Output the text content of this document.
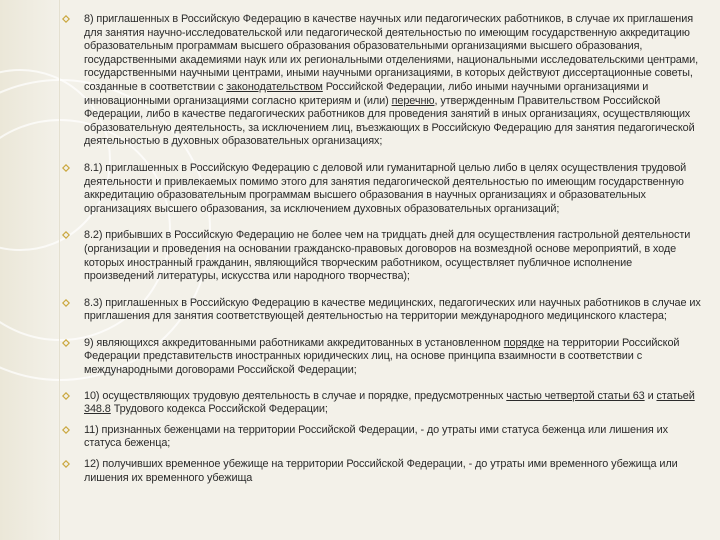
8) приглашенных в Российскую Федерацию в качестве научных или педагогических работников, в случае их приглашения для занятия научно-исследовательской или педагогической деятельностью по имеющим государственную аккредитацию образовательным программам высшего образования образовательными организациями высшего образования, государственными академиями наук или их региональными отделениями, национальными исследовательскими центрами, государственными научными центрами, иными научными организациями, в которых действуют диссертационные советы, созданные в соответствии с законодательством Российской Федерации, либо иными научными организациями и инновационными организациями согласно критериям и (или) перечню, утвержденным Правительством Российской Федерации, либо в качестве педагогических работников для проведения занятий в иных организациях, осуществляющих образовательную деятельность, за исключением лиц, въезжающих в Российскую Федерацию для занятия педагогической деятельностью в духовных образовательных организациях;
8.1) приглашенных в Российскую Федерацию с деловой или гуманитарной целью либо в целях осуществления трудовой деятельности и привлекаемых помимо этого для занятия педагогической деятельностью по имеющим государственную аккредитацию образовательным программам высшего образования в научных организациях и образовательных организациях высшего образования, за исключением духовных образовательных организаций;
8.2) прибывших в Российскую Федерацию не более чем на тридцать дней для осуществления гастрольной деятельности (организации и проведения на основании гражданско-правовых договоров на возмездной основе мероприятий, в ходе которых иностранный гражданин, являющийся творческим работником, осуществляет публичное исполнение произведений литературы, искусства или народного творчества);
8.3) приглашенных в Российскую Федерацию в качестве медицинских, педагогических или научных работников в случае их приглашения для занятия соответствующей деятельностью на территории международного медицинского кластера;
9) являющихся аккредитованными работниками аккредитованных в установленном порядке на территории Российской Федерации представительств иностранных юридических лиц, на основе принципа взаимности в соответствии с международными договорами Российской Федерации;
10) осуществляющих трудовую деятельность в случае и порядке, предусмотренных частью четвертой статьи 63 и статьей 348.8 Трудового кодекса Российской Федерации;
11) признанных беженцами на территории Российской Федерации, - до утраты ими статуса беженца или лишения их статуса беженца;
12) получивших временное убежище на территории Российской Федерации, - до утраты ими временного убежища или лишения их временного убежища
